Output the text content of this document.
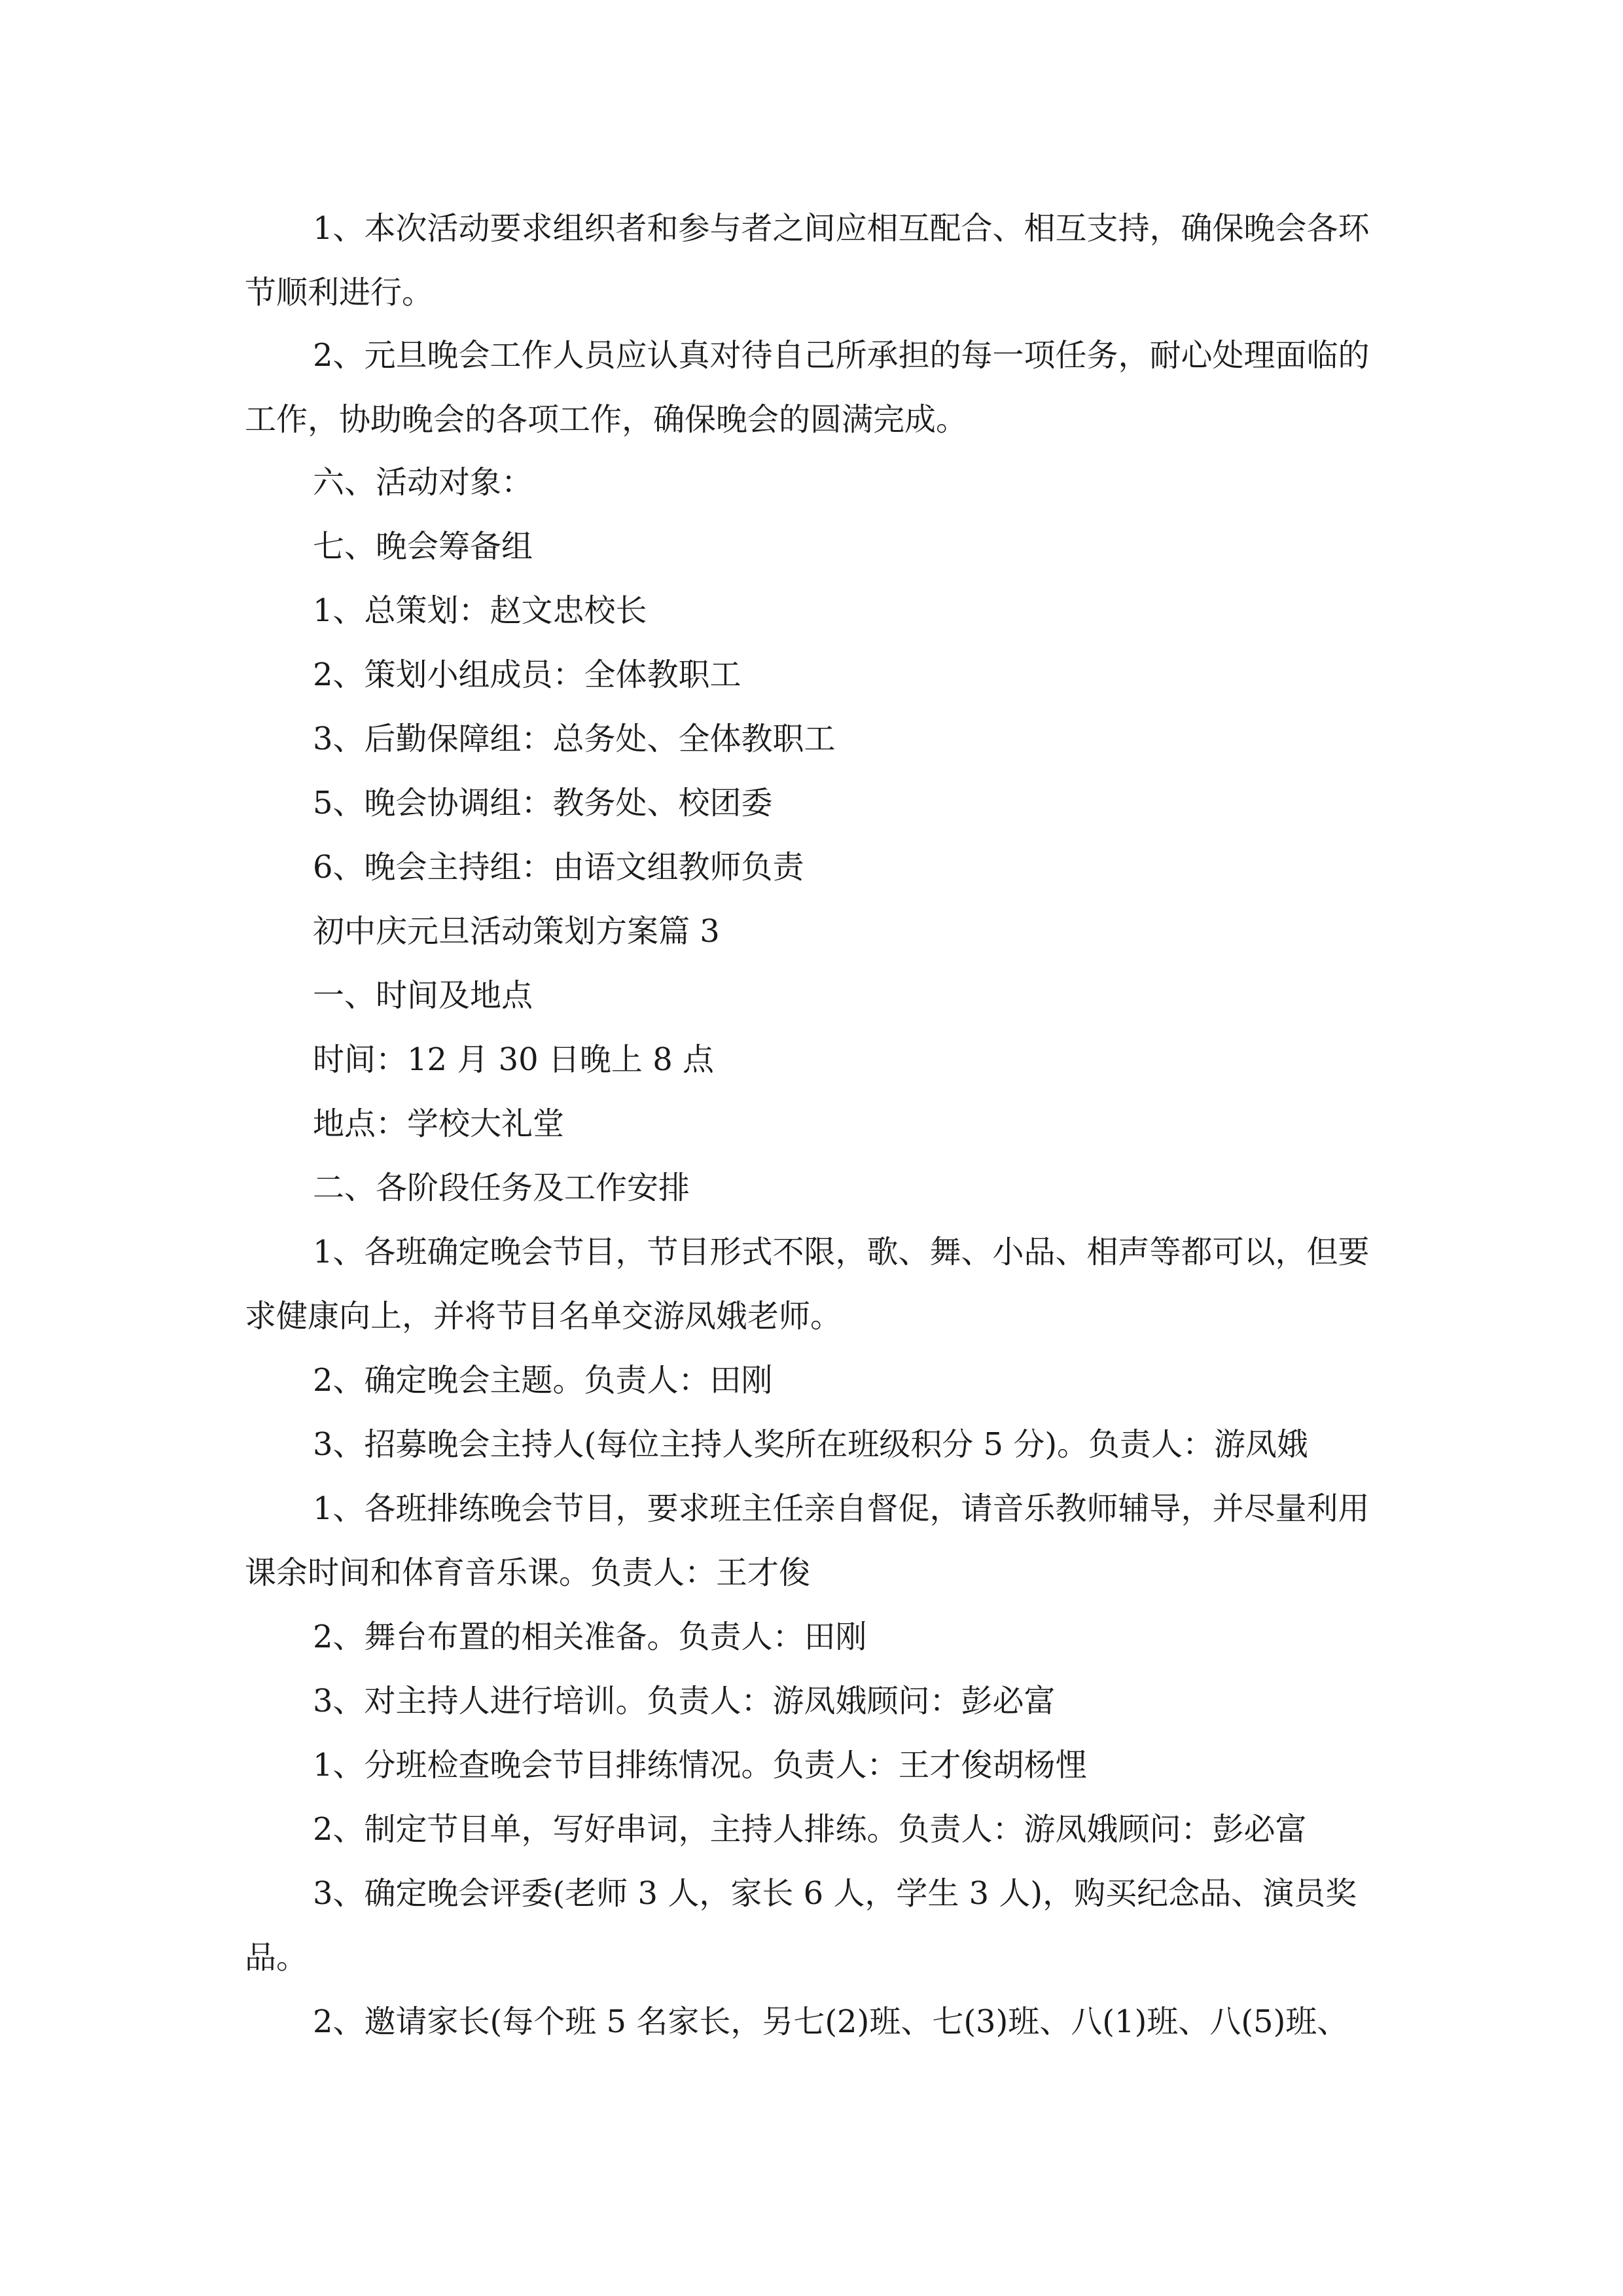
1、本次活动要求组织者和参与者之间应相互配合、相互支持，确保晚会各环节顺利进行。

2、元旦晚会工作人员应认真对待自己所承担的每一项任务，耐心处理面临的工作，协助晚会的各项工作，确保晚会的圆满完成。

六、活动对象：

七、晚会筹备组

1、总策划：赵文忠校长

2、策划小组成员：全体教职工

3、后勤保障组：总务处、全体教职工

5、晚会协调组：教务处、校团委

6、晚会主持组：由语文组教师负责

初中庆元旦活动策划方案篇 3

一、时间及地点

时间：12 月 30 日晚上 8 点

地点：学校大礼堂

二、各阶段任务及工作安排

1、各班确定晚会节目，节目形式不限，歌、舞、小品、相声等都可以，但要求健康向上，并将节目名单交游凤娥老师。

2、确定晚会主题。负责人：田刚

3、招募晚会主持人(每位主持人奖所在班级积分 5 分)。负责人：游凤娥

1、各班排练晚会节目，要求班主任亲自督促，请音乐教师辅导，并尽量利用课余时间和体育音乐课。负责人：王才俊

2、舞台布置的相关准备。负责人：田刚

3、对主持人进行培训。负责人：游凤娥顾问：彭必富

1、分班检查晚会节目排练情况。负责人：王才俊胡杨悝

2、制定节目单，写好串词，主持人排练。负责人：游凤娥顾问：彭必富

3、确定晚会评委(老师 3 人，家长 6 人，学生 3 人)，购买纪念品、演员奖品。

2、邀请家长(每个班 5 名家长，另七(2)班、七(3)班、八(1)班、八(5)班、
